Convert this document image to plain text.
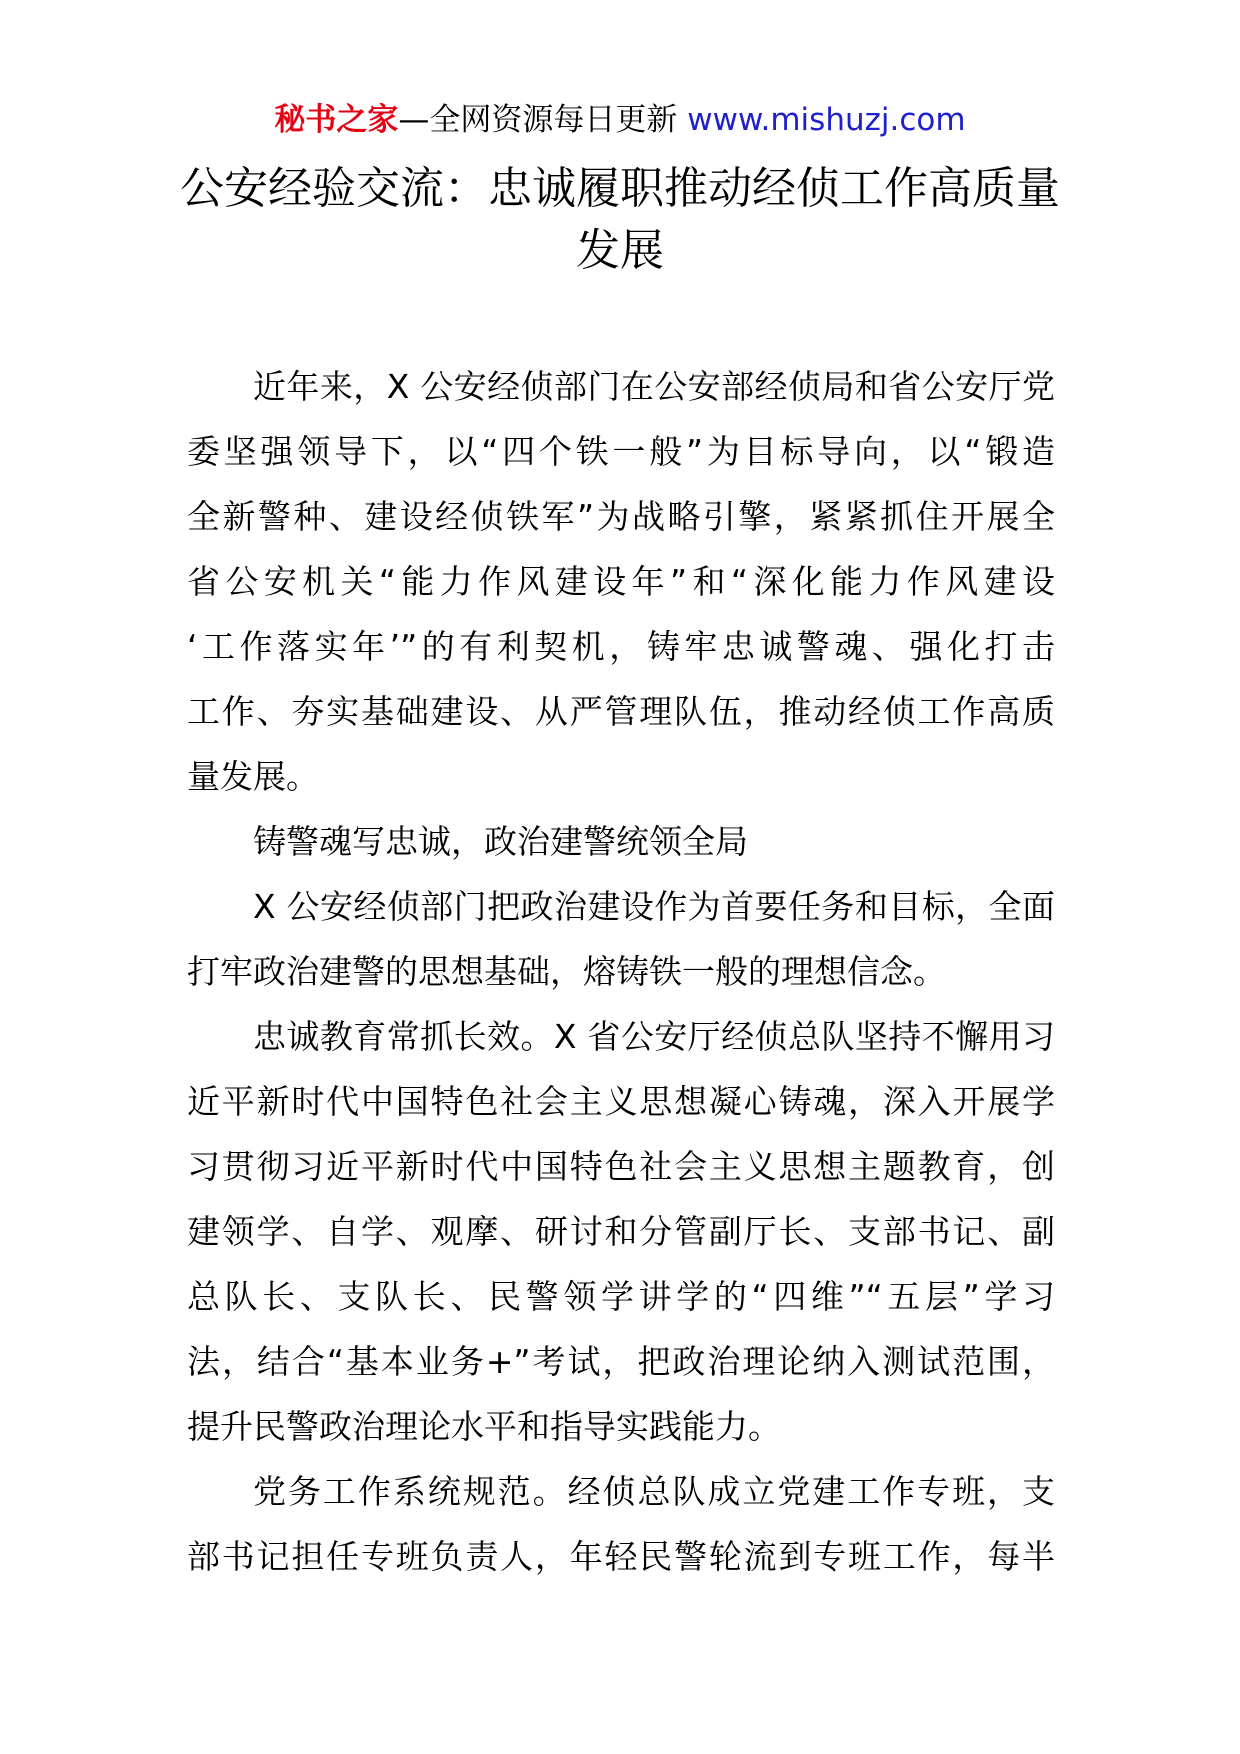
秘书之家—全网资源每日更新 www.mishuzj.com
公安经验交流：忠诚履职推动经侦工作高质量
发展
近年来，X 公安经侦部门在公安部经侦局和省公安厅党
委坚强领导下，以“四个铁一般”为目标导向，以“锻造
全新警种、建设经侦铁军”为战略引擎，紧紧抓住开展全
省公安机关“能力作风建设年”和“深化能力作风建设
‘工作落实年’”的有利契机，铸牢忠诚警魂、强化打击
工作、夯实基础建设、从严管理队伍，推动经侦工作高质
量发展。
铸警魂写忠诚，政治建警统领全局
X 公安经侦部门把政治建设作为首要任务和目标，全面
打牢政治建警的思想基础，熔铸铁一般的理想信念。
忠诚教育常抓长效。X 省公安厅经侦总队坚持不懈用习
近平新时代中国特色社会主义思想凝心铸魂，深入开展学
习贯彻习近平新时代中国特色社会主义思想主题教育，创
建领学、自学、观摩、研讨和分管副厅长、支部书记、副
总队长、支队长、民警领学讲学的“四维”“五层”学习
法，结合“基本业务+”考试，把政治理论纳入测试范围，
提升民警政治理论水平和指导实践能力。
党务工作系统规范。经侦总队成立党建工作专班，支
部书记担任专班负责人，年轻民警轮流到专班工作，每半
